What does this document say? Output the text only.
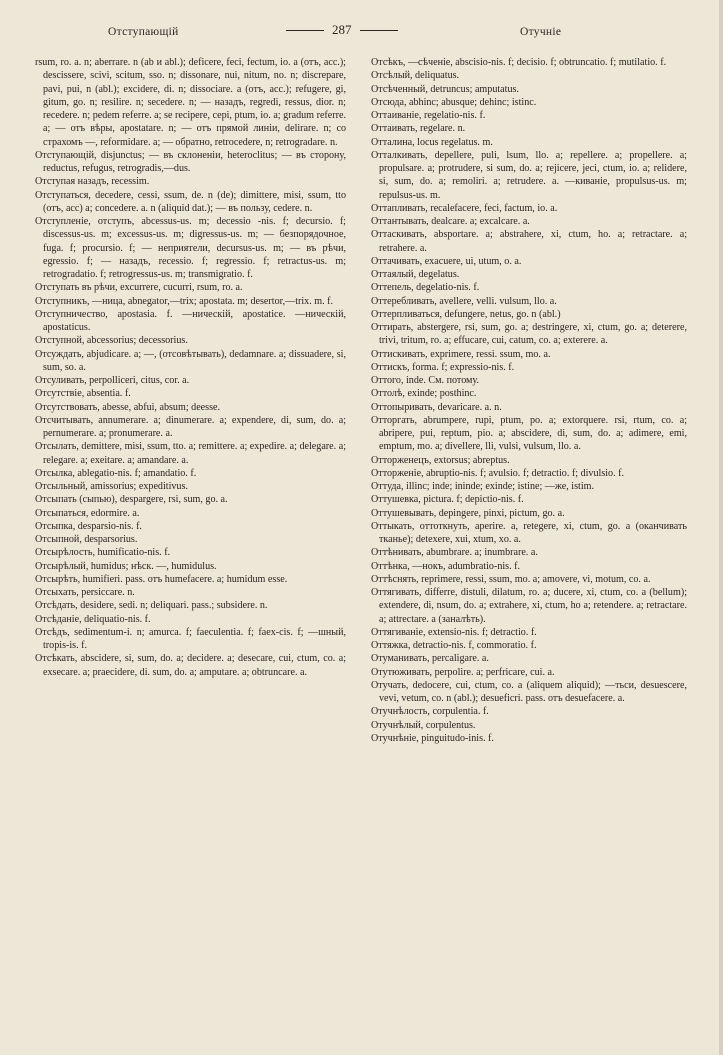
Отступающій	287	Отучніе

rsum, ro. a. n; aberrare. n (ab и abl.); deficere, feci, fectum, io. a (отъ, acc.); descissere, scivi, scitum, sso. n; dissonare, nui, nitum, no. n; discrepare, pavi, pui, n (abl.); excidere, di. n; dissociare. a (отъ, acc.); refugere, gi, gitum, go. n; resilire. n; secedere. n; — назадъ, regredi, ressus, dior. n; recedere. n; pedem referre. a; se recipere, cepi, ptum, io. a; gradum referre. a; — отъ вѣры, apostatare. n; — отъ прямой линіи, delirare. n; со страхомъ —, reformidare. a; — обратно, retrocedere, n; retrogradare. n.

Отступающій, disjunctus; — въ склоненіи, heteroclitus; — въ сторону, reductus, refugus, retrogradis,—dus.

Отступая назадъ, recessim.

Отступаться, decedere, cessi, ssum, de. n (de); dimittere, misi, ssum, tto (отъ, acc) a; concedere. a. n (aliquid dat.); — въ пользу, cedere. n.

Отступленіе, отступъ, abcessus-us. m; decessio -nis. f; decursio. f; discessus-us. m; excessus-us. m; digressus-us. m; — безпорядочное, fuga. f; procursio. f; — неприятели, decursus-us. m; — въ рѣчи, egressio. f; — назадъ, recessio. f; regressio. f; retractus-us. m; retrogradatio. f; retrogressus-us. m; transmigratio. f.

Отступать въ рѣчи, excurrere, cucurri, rsum, ro. a.

Отступникъ, —ница, abnegator,—trix; apostata. m; desertor,—trix. m. f.

Отступничество, apostasia. f. —ническій, apostatice. —ническій, apostaticus.

Отступной, abcessorius; decessorius.

Отсуждать, abjudicare. a; —, (отсовѣтывать), dedamnare. a; dissuadere, si, sum, so. a.

Отсуливать, perpolliceri, citus, cor. a.

Отсутствіе, absentia. f.

Отсутствовать, abesse, abfui, absum; deesse.

Отсчитывать, annumerare. a; dinumerare. a; expendere, di, sum, do. a; pernumerare. a; pronumerare. a.

Отсылать, demittere, misi, ssum, tto. a; remittere. a; expedire. a; delegare. a; relegare. a; exeitare. a; amandare. a.

Отсылка, ablegatio-nis. f; amandatio. f.

Отсыльный, amissorius; expeditivus.

Отсыпать (сыпью), despargere, rsi, sum, go. a.

Отсыпаться, edormire. a.

Отсыпка, desparsio-nis. f.

Отсыпной, desparsorius.

Отсырѣлость, humificatio-nis. f.

Отсырѣлый, humidus; нѣск. —, humidulus.

Отсырѣть, humifieri. pass. отъ humefacere. a; humidum esse.

Отсыхать, persiccare. n.

Отсѣдать, desidere, sedi. n; deliquari. pass.; subsidere. n.

Отсѣданіе, deliquatio-nis. f.

Отсѣдъ, sedimentum-i. n; amurca. f; faeculentia. f; faex-cis. f; —шный, tropis-is. f.

Отсѣкать, abscidere, si, sum, do. a; decidere. a; desecare, cui, ctum, co. a; exsecare. a; praecidere, di. sum, do. a; amputare. a; obtruncare. a.

Отсѣкъ, —сѣченіе, abscisio-nis. f; decisio. f; obtruncatio. f; mutilatio. f.

Отсѣлый, deliquatus.

Отсѣченный, detruncus; amputatus.

Отсюда, abhinc; abusque; dehinc; istinc.

Оттаиваніе, regelatio-nis. f.

Оттаивать, regelare. n.

Отталина, locus regelatus. m.

Отталкивать, depellere, puli, lsum, llo. a; repellere. a; propellere. a; propulsare. a; protrudere, si sum, do. a; rejicere, jeci, ctum, io. a; relidere, si, sum, do. a; remoliri. a; retrudere. a. —киваніе, propulsus-us. m; repulsus-us. m.

Оттапливать, recalefacere, feci, factum, io. a.

Оттантывать, dealcare. a; excalcare. a.

Оттаскивать, absportare. a; abstrahere, xi, ctum, ho. a; retractare. a; retrahere. a.

Оттачивать, exacuere, ui, utum, o. a.

Оттаялый, degelatus.

Оттепель, degelatio-nis. f.

Оттеребливать, avellere, velli. vulsum, llo. a.

Оттерпливаться, defungere, netus, go. n (abl.)

Оттирать, abstergere, rsi, sum, go. a; destringere, xi, ctum, go. a; deterere, trivi, tritum, ro. a; effucare, cui, catum, co. a; exterere. a.

Оттискивать, exprimere, ressi. ssum, mo. a.

Оттискъ, forma. f; expressio-nis. f.

Оттого, inde. Cм. потому.

Оттолѣ, exinde; posthinc.

Оттопыривать, devaricare. a. n.

Отторгать, abrumpere, rupi, ptum, po. a; extorquere. rsi, rtum, co. a; abripere, pui, reptum, pio. a; abscidere, di, sum, do. a; adimere, emi, emptum, mo. a; divellere, lli, vulsi, vulsum, llo. a.

Отторженецъ, extorsus; abreptus.

Отторженіе, abruptio-nis. f; avulsio. f; detractio. f; divulsio. f.

Оттуда, illinc; inde; ininde; exinde; istine; —же, istim.

Оттушевка, pictura. f; depictio-nis. f.

Оттушевывать, depingere, pinxi, pictum, go. a.

Оттыкать, оттоткнуть, aperire. a, retegere, xi, ctum, go. a (оканчивать тканье); detexere, xui, xtum, xo. a.

Оттѣнивать, abumbrare. a; inumbrare. a.

Оттѣнка, —нокъ, adumbratio-nis. f.

Оттѣснять, reprimere, ressi, ssum, mo. a; amovere, vi, motum, co. a.

Оттягивать, differre, distuli, dilatum, ro. a; ducere, xi, ctum, co. a (bellum); extendere, di, nsum, do. a; extrahere, xi, ctum, ho a; retendere. a; retractare. a; attrectare. a (заналѣть).

Оттягиваніе, extensio-nis. f; detractio. f.

Оттяжка, detractio-nis. f, commoratio. f.

Отуманивать, percaligare. a.

Отутюживать, perpolire. a; perfricare, cui. a.

Отучать, dedocere, cui, ctum, co. a (aliquem aliquid); —тьси, desuescere, vevi, vetum, co. n (abl.); desueficri. pass. отъ desuefacere. a.

Отучнѣлость, corpulentia. f.

Отучнѣлый, corpulentus.

Отучнѣніе, pinguitudo-inis. f.
